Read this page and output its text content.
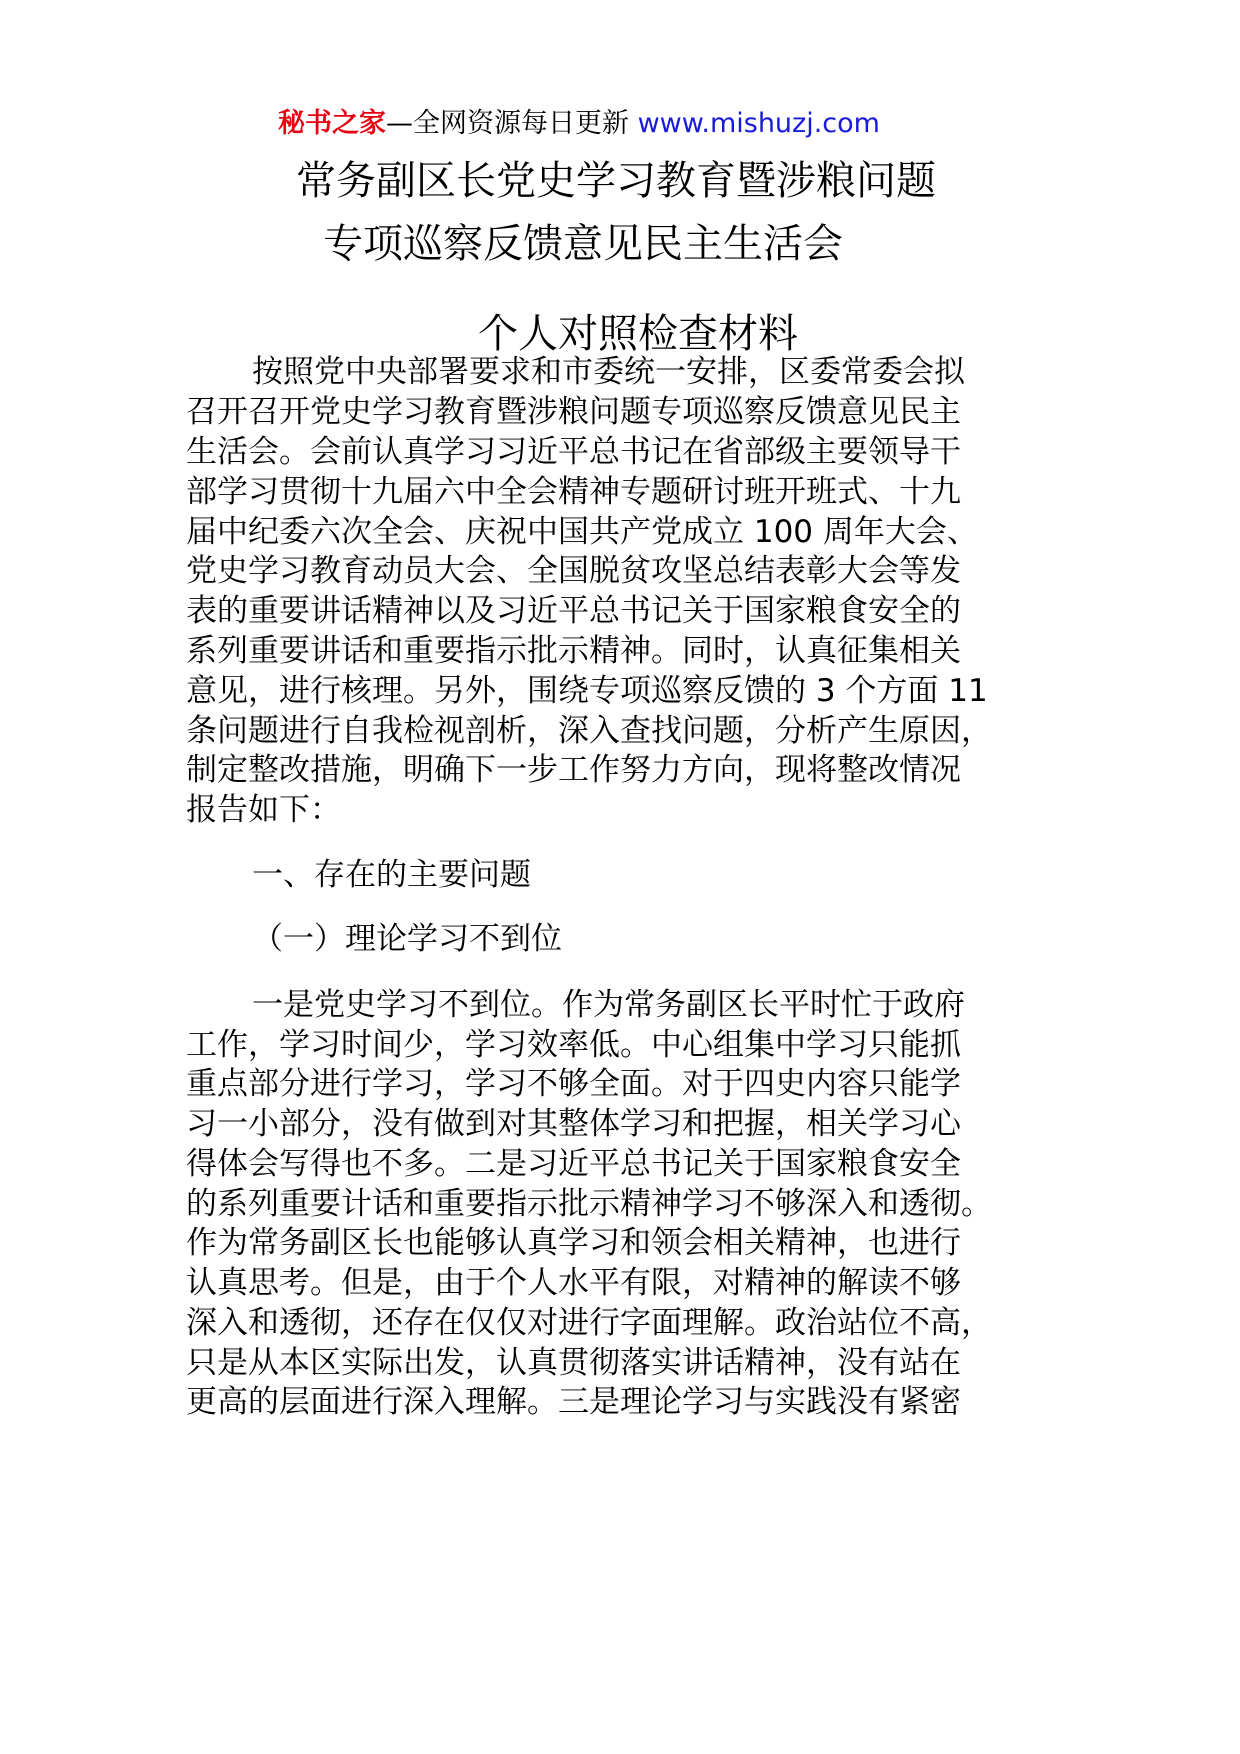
秘书之家—全网资源每日更新 www.mishuzj.com
常务副区长党史学习教育暨涉粮问题
专项巡察反馈意见民主生活会
个人对照检查材料
按照党中央部署要求和市委统一安排，区委常委会拟
召开召开党史学习教育暨涉粮问题专项巡察反馈意见民主
生活会。会前认真学习习近平总书记在省部级主要领导干
部学习贯彻十九届六中全会精神专题研讨班开班式、十九
届中纪委六次全会、庆祝中国共产党成立 100 周年大会、
党史学习教育动员大会、全国脱贫攻坚总结表彰大会等发
表的重要讲话精神以及习近平总书记关于国家粮食安全的
系列重要讲话和重要指示批示精神。同时，认真征集相关
意见，进行核理。另外，围绕专项巡察反馈的 3 个方面 11
条问题进行自我检视剖析，深入查找问题，分析产生原因，
制定整改措施，明确下一步工作努力方向，现将整改情况
报告如下：
一、存在的主要问题
（一）理论学习不到位
一是党史学习不到位。作为常务副区长平时忙于政府
工作，学习时间少，学习效率低。中心组集中学习只能抓
重点部分进行学习，学习不够全面。对于四史内容只能学
习一小部分，没有做到对其整体学习和把握，相关学习心
得体会写得也不多。二是习近平总书记关于国家粮食安全
的系列重要计话和重要指示批示精神学习不够深入和透彻。
作为常务副区长也能够认真学习和领会相关精神，也进行
认真思考。但是，由于个人水平有限，对精神的解读不够
深入和透彻，还存在仅仅对进行字面理解。政治站位不高，
只是从本区实际出发，认真贯彻落实讲话精神，没有站在
更高的层面进行深入理解。三是理论学习与实践没有紧密
